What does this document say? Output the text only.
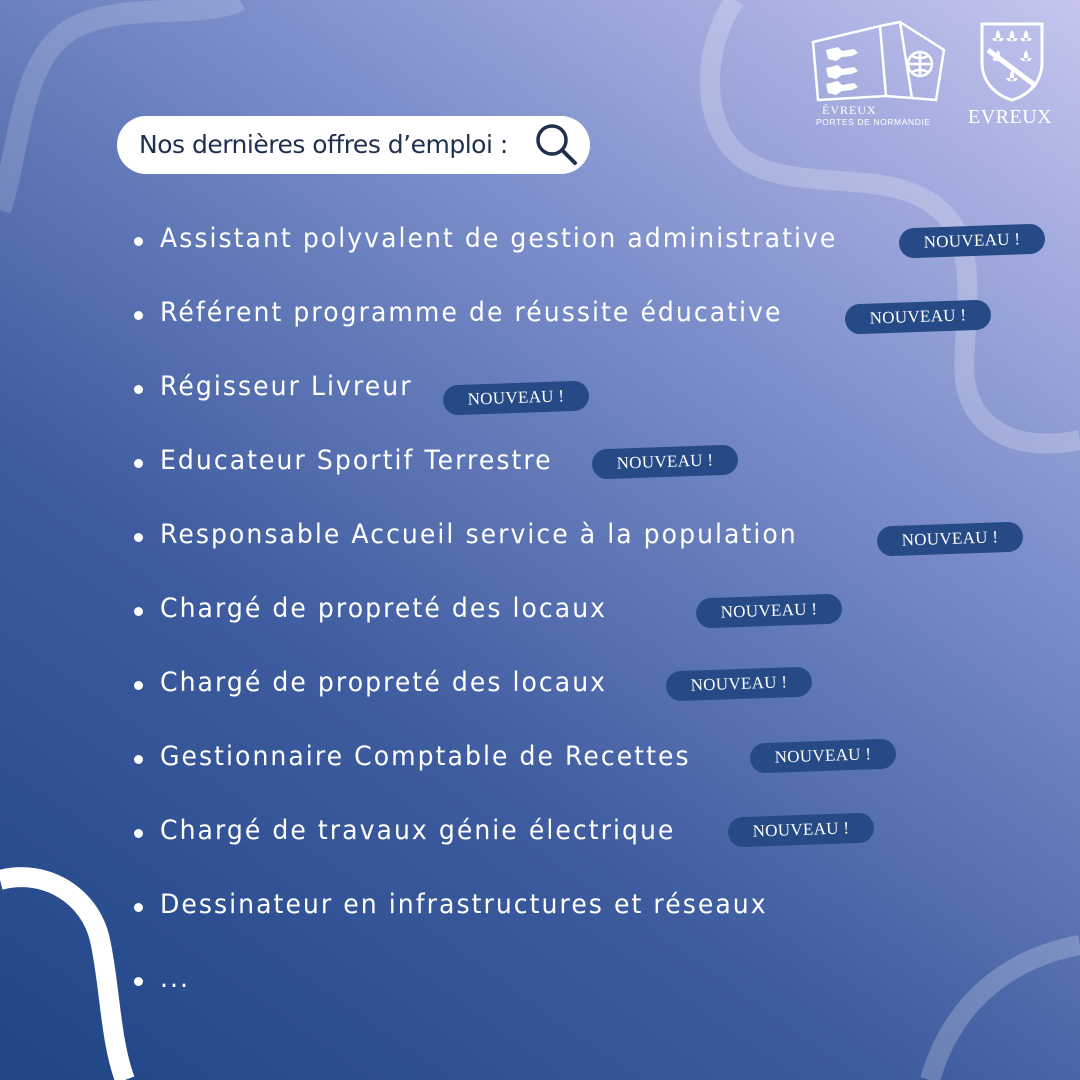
ÉVREUX
PORTES DE NORMANDIE EVREUX
Nos dernières offres d’emploi :
Assistant polyvalent de gestion administrative	NOUVEAU !
Référent programme de réussite éducative	NOUVEAU !
Régisseur Livreur	NOUVEAU !
Educateur Sportif Terrestre	NOUVEAU !
Responsable Accueil service à la population	NOUVEAU !
Chargé de propreté des locaux	NOUVEAU !
Chargé de propreté des locaux	NOUVEAU !
Gestionnaire Comptable de Recettes	NOUVEAU !
Chargé de travaux génie électrique	NOUVEAU !
Dessinateur en infrastructures et réseaux
...
